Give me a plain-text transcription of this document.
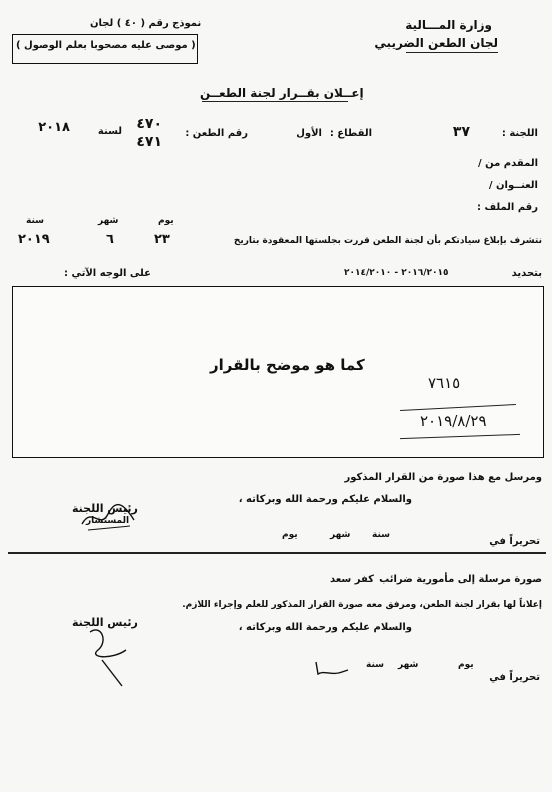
وزارة المـــالية
لجان الطعن الضريبي
نموذج رقم ( ٤٠ ) لجان
( موصى عليه مصحوبا بعلم الوصول )
إعــلان بقــرار لجنة الطعــن
اللجنة :
٣٧
القطاع :
الأول
رقم الطعن :
٤٧٠
٤٧١
لسنة
٢٠١٨
المقدم من /
العنــوان /
رقم الملف :
يوم
شهر
سنة
٢٣
٦
٢٠١٩	نتشرف بإبلاغ سيادتكم بأن لجنة الطعن قررت بجلستها المعقودة بتاريخ
بتحديد
٢٠١٦/٢٠١٥ - ٢٠١٤/٢٠١٠
على الوجه الآتي :
كما هو موضح بالقرار
٧٦١٥
٢٠١٩/٨/٢٩
ومرسل مع هذا صورة من القرار المذكور
والسلام عليكم ورحمة الله وبركاته ،
رئيس اللجنة
المستشار
يوم	شهر سنة
تحريراً في
صورة مرسلة إلى مأمورية ضرائب
كفر سعد
إعلاناً لها بقرار لجنة الطعن، ومرفق معه صورة القرار المذكور للعلم وإجراء اللازم.
والسلام عليكم ورحمة الله وبركاته ،
رئيس اللجنة
يوم
شهر
سنة
تحريراً في
